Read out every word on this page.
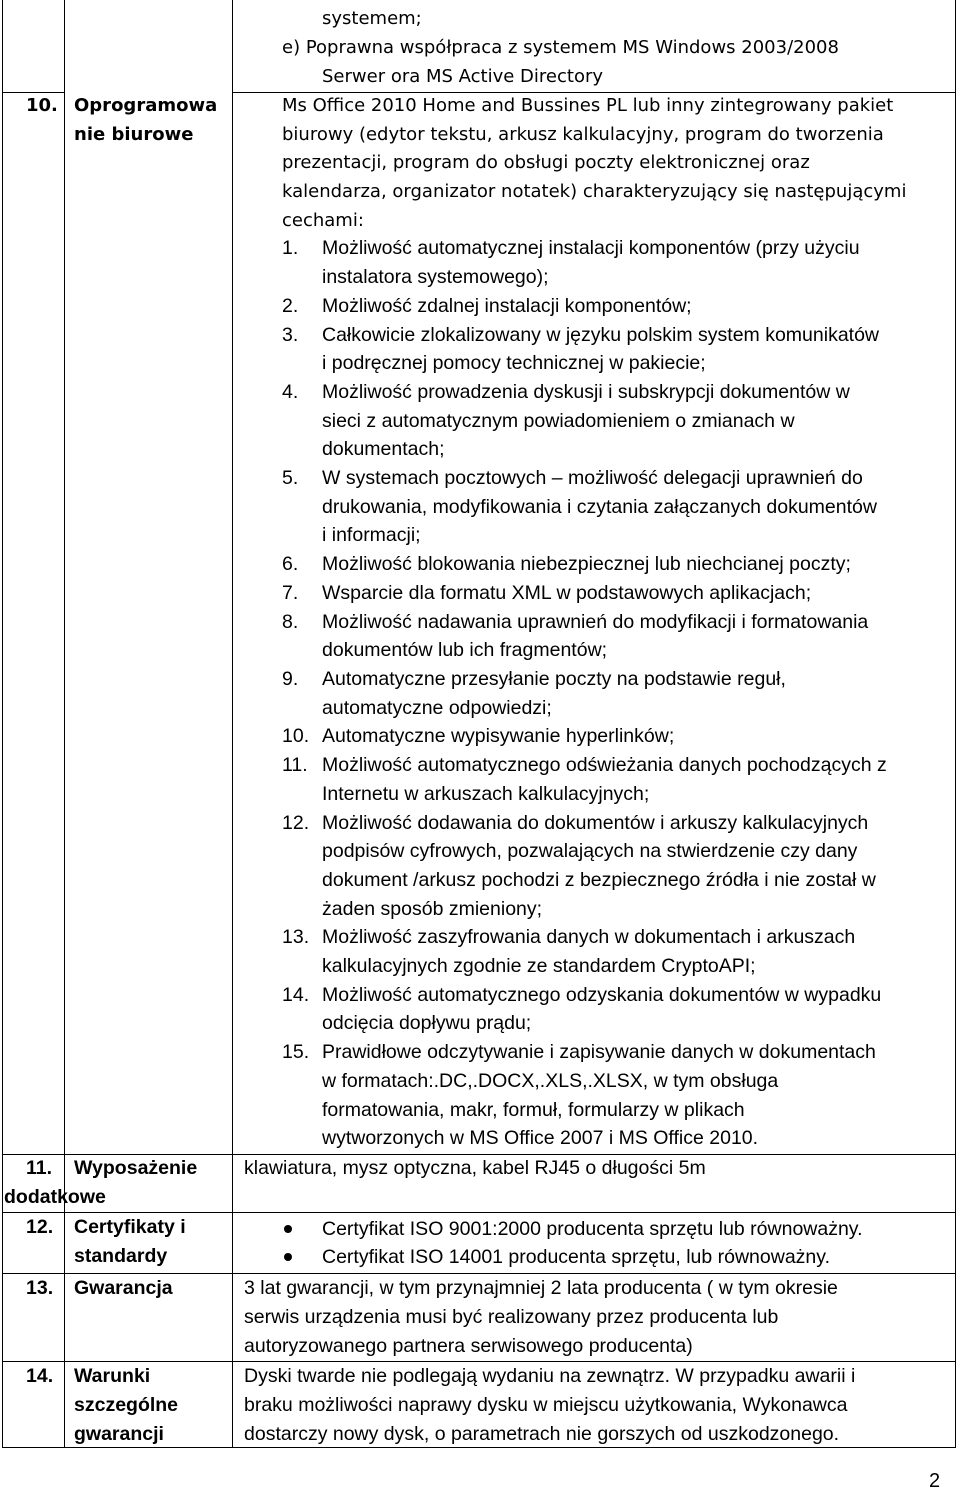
systemem;
e) Poprawna współpraca z systemem MS Windows 2003/2008
Serwer ora MS Active Directory
10. Oprogramowa
nie biurowe
Ms Office 2010 Home and Bussines PL lub inny zintegrowany pakiet
biurowy (edytor tekstu, arkusz kalkulacyjny, program do tworzenia
prezentacji, program do obsługi poczty elektronicznej oraz
kalendarza, organizator notatek) charakteryzujący się następującymi
cechami:
1. Możliwość automatycznej instalacji komponentów (przy użyciu
instalatora systemowego);
2. Możliwość zdalnej instalacji komponentów;
3. Całkowicie zlokalizowany w języku polskim system komunikatów
i podręcznej pomocy technicznej w pakiecie;
4. Możliwość prowadzenia dyskusji i subskrypcji dokumentów w
sieci z automatycznym powiadomieniem o zmianach w
dokumentach;
5. W systemach pocztowych – możliwość delegacji uprawnień do
drukowania, modyfikowania i czytania załączanych dokumentów
i informacji;
6. Możliwość blokowania niebezpiecznej lub niechcianej poczty;
7. Wsparcie dla formatu XML w podstawowych aplikacjach;
8. Możliwość nadawania uprawnień do modyfikacji i formatowania
dokumentów lub ich fragmentów;
9. Automatyczne przesyłanie poczty na podstawie reguł,
automatyczne odpowiedzi;
10. Automatyczne wypisywanie hyperlinków;
11. Możliwość automatycznego odświeżania danych pochodzących z
Internetu w arkuszach kalkulacyjnych;
12. Możliwość dodawania do dokumentów i arkuszy kalkulacyjnych
podpisów cyfrowych, pozwalających na stwierdzenie czy dany
dokument /arkusz pochodzi z bezpiecznego źródła i nie został w
żaden sposób zmieniony;
13. Możliwość zaszyfrowania danych w dokumentach i arkuszach
kalkulacyjnych zgodnie ze standardem CryptoAPI;
14. Możliwość automatycznego odzyskania dokumentów w wypadku
odcięcia dopływu prądu;
15. Prawidłowe odczytywanie i zapisywanie danych w dokumentach
w formatach:.DC,.DOCX,.XLS,.XLSX, w tym obsługa
formatowania, makr, formuł, formularzy w plikach
wytworzonych w MS Office 2007 i MS Office 2010.
11. Wyposażenie
dodatkowe
klawiatura, mysz optyczna, kabel RJ45 o długości 5m
12. Certyfikaty i
standardy
Certyfikat ISO 9001:2000 producenta sprzętu lub równoważny.
Certyfikat ISO 14001 producenta sprzętu, lub równoważny.
13. Gwarancja	3 lat gwarancji, w tym przynajmniej 2 lata producenta ( w tym okresie
serwis urządzenia musi być realizowany przez producenta lub
autoryzowanego partnera serwisowego producenta)
14. Warunki
szczególne
gwarancji
Dyski twarde nie podlegają wydaniu na zewnątrz. W przypadku awarii i
braku możliwości naprawy dysku w miejscu użytkowania, Wykonawca
dostarczy nowy dysk, o parametrach nie gorszych od uszkodzonego.
2
